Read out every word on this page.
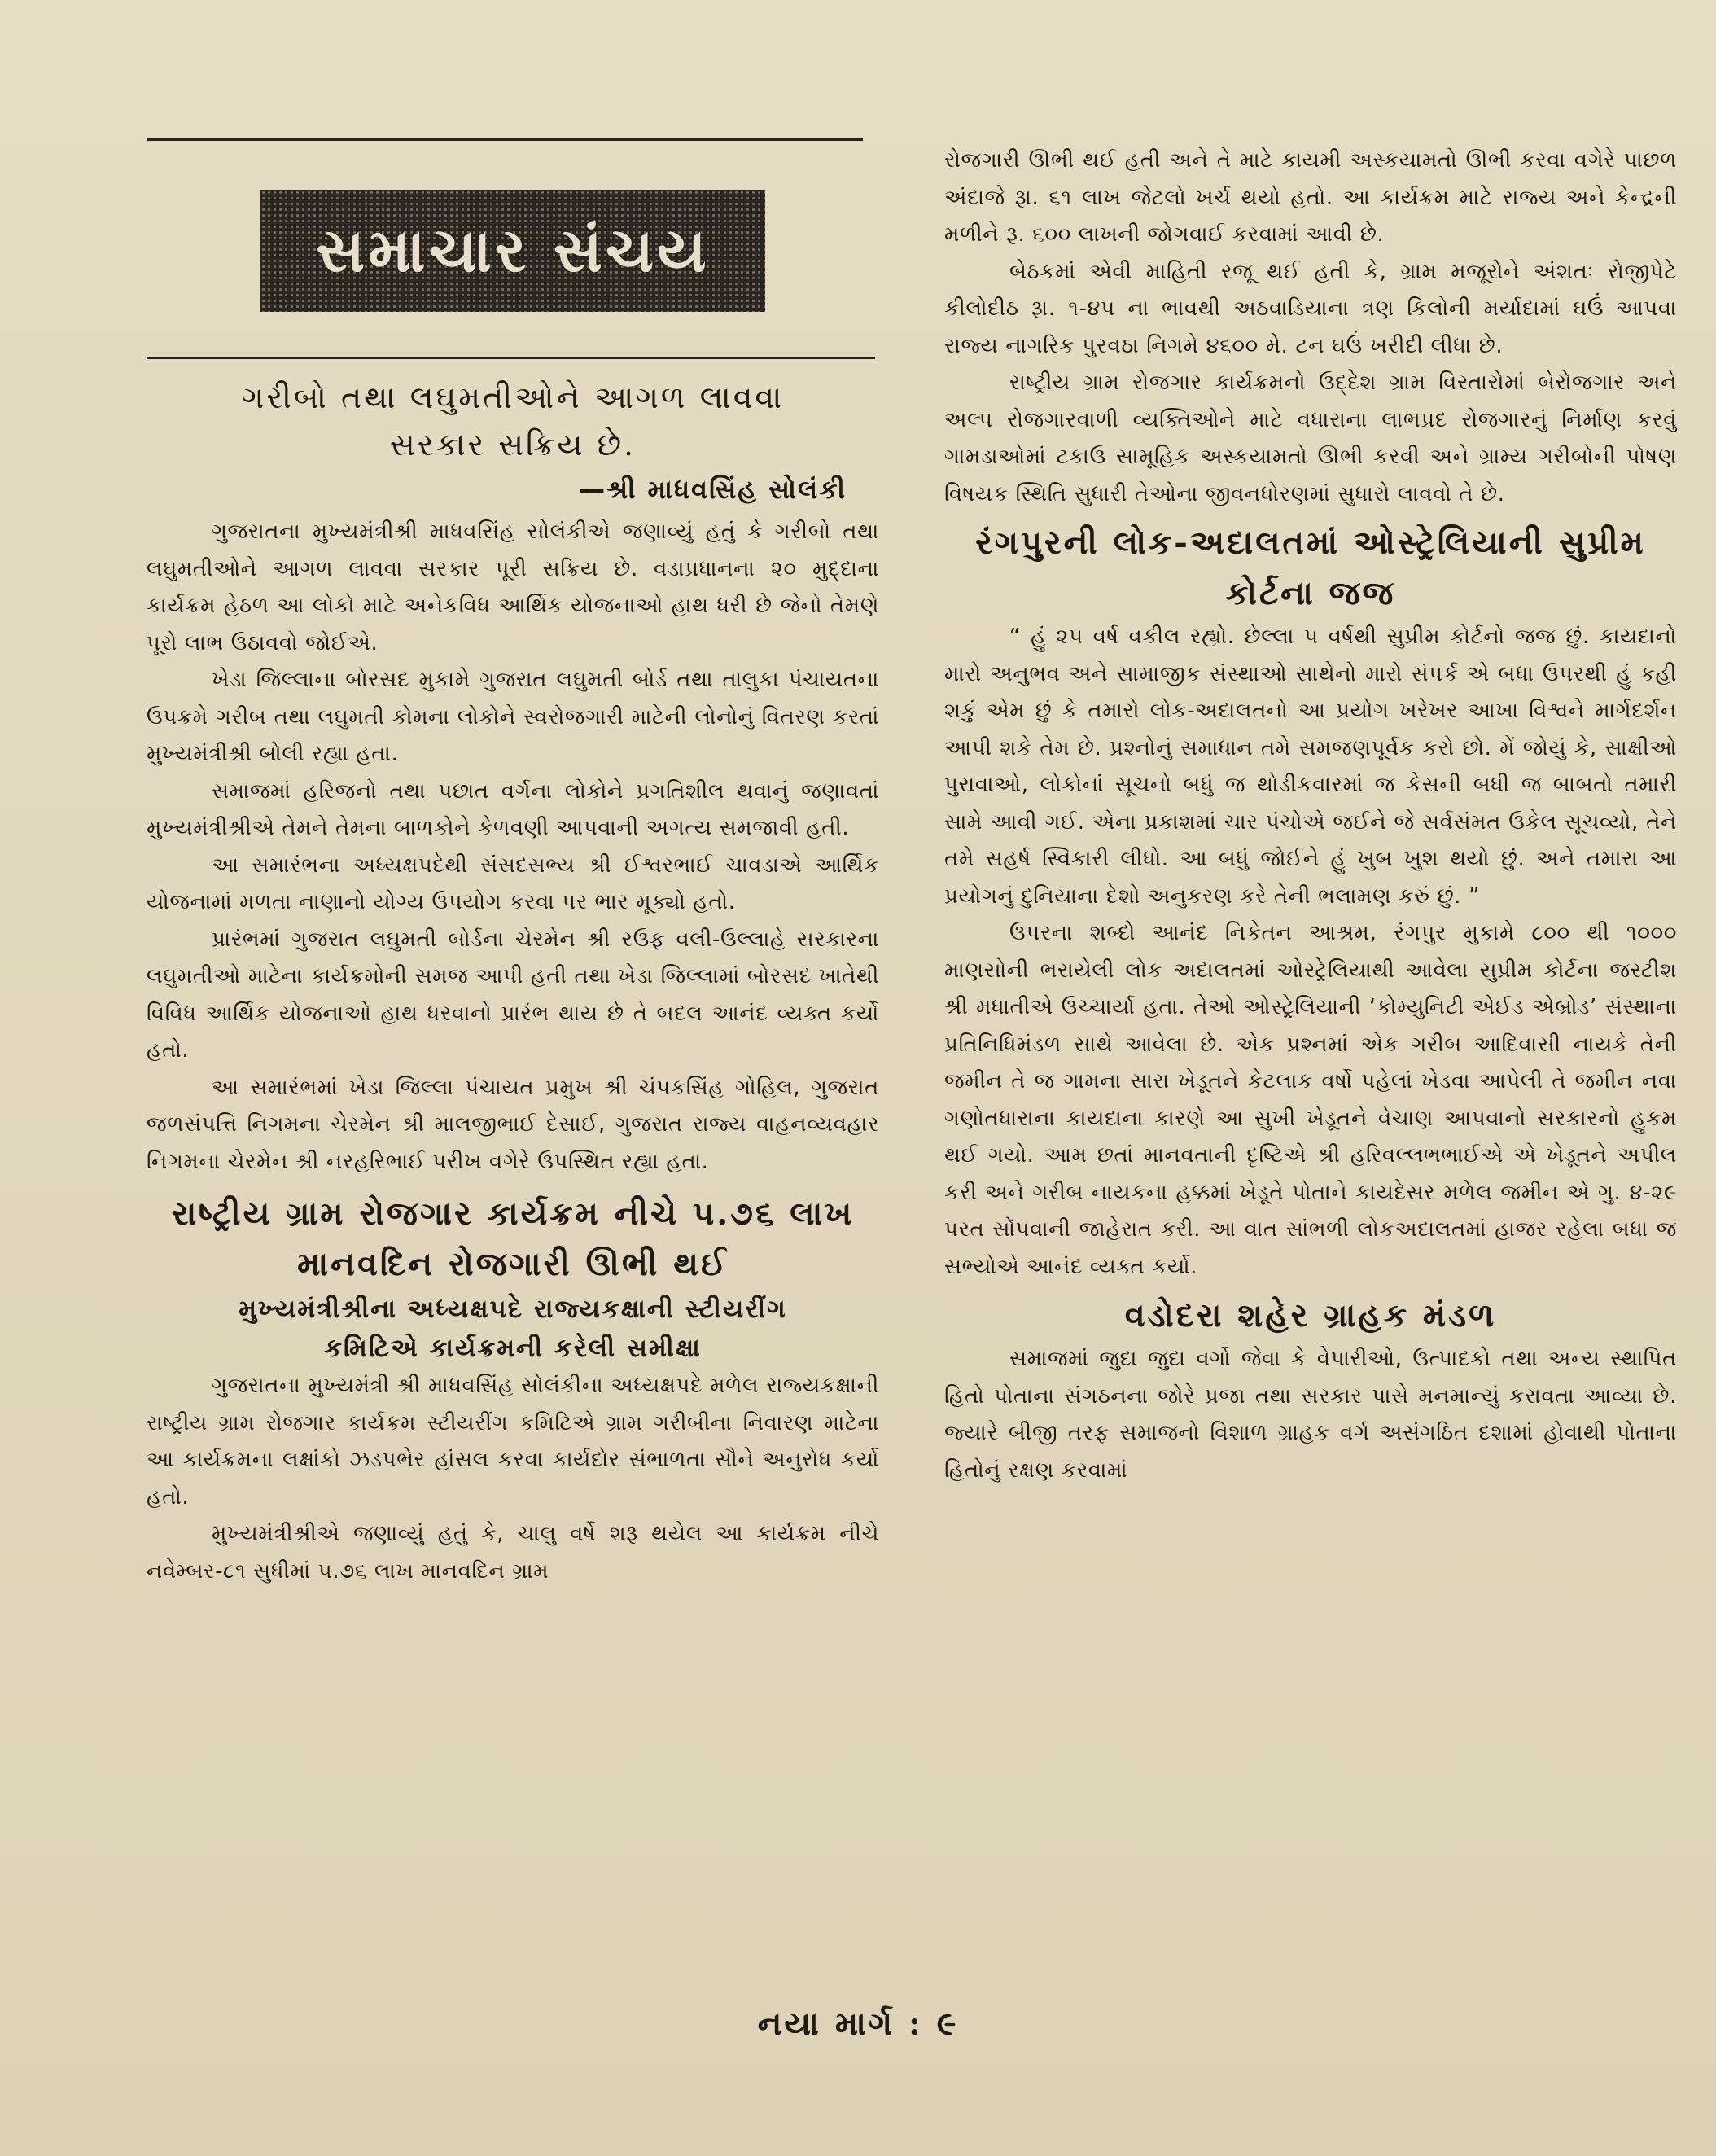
સમાચાર સંચય

ગરીબો તથા લઘુમતીઓને આગળ લાવવા

સરકાર સક્રિય છે.

—શ્રી માધવસિંહ સોલંકી

ગુજરાતના મુખ્યમંત્રીશ્રી માધવસિંહ સોલંકીએ જણાવ્યું હતું કે ગરીબો તથા લઘુમતીઓને આગળ લાવવા સરકાર પૂરી સક્રિય છે. વડાપ્રધાનના ૨૦ મુદ્દાના કાર્યક્રમ હેઠળ આ લોકો માટે અનેકવિધ આર્થિક યોજનાઓ હાથ ધરી છે જેનો તેમણે પૂરો લાભ ઉઠાવવો જોઈએ.

ખેડા જિલ્લાના બોરસદ મુકામે ગુજરાત લઘુમતી બોર્ડ તથા તાલુકા પંચાયતના ઉપક્રમે ગરીબ તથા લઘુમતી કોમના લોકોને સ્વરોજગારી માટેની લોનોનું વિતરણ કરતાં મુખ્યમંત્રીશ્રી બોલી રહ્યા હતા.

સમાજમાં હરિજનો તથા પછાત વર્ગના લોકોને પ્રગતિશીલ થવાનું જણાવતાં મુખ્યમંત્રીશ્રીએ તેમને તેમના બાળકોને કેળવણી આપવાની અગત્ય સમજાવી હતી.

આ સમારંભના અધ્યક્ષપદેથી સંસદસભ્ય શ્રી ઈશ્વરભાઈ ચાવડાએ આર્થિક યોજનામાં મળતા નાણાનો યોગ્ય ઉપયોગ કરવા પર ભાર મૂક્યો હતો.

પ્રારંભમાં ગુજરાત લઘુમતી બોર્ડના ચેરમેન શ્રી રઉફ વલી-ઉલ્લાહે સરકારના લઘુમતીઓ માટેના કાર્યક્રમોની સમજ આપી હતી તથા ખેડા જિલ્લામાં બોરસદ ખાતેથી વિવિધ આર્થિક યોજનાઓ હાથ ધરવાનો પ્રારંભ થાય છે તે બદલ આનંદ વ્યક્ત કર્યો હતો.

આ સમારંભમાં ખેડા જિલ્લા પંચાયત પ્રમુખ શ્રી ચંપકસિંહ ગોહિલ, ગુજરાત જળસંપત્તિ નિગમના ચેરમેન શ્રી માલજીભાઈ દેસાઈ, ગુજરાત રાજ્ય વાહનવ્યવહાર નિગમના ચેરમેન શ્રી નરહરિભાઈ પરીખ વગેરે ઉપસ્થિત રહ્યા હતા.

રાષ્ટ્રીય ગ્રામ રોજગાર કાર્યક્રમ નીચે ૫.૭૬ લાખ

માનવદિન રોજગારી ઊભી થઈ

મુખ્યમંત્રીશ્રીના અધ્યક્ષપદે રાજ્યકક્ષાની સ્ટીયરીંગ

કમિટિએ કાર્યક્રમની કરેલી સમીક્ષા

ગુજરાતના મુખ્યમંત્રી શ્રી માધવસિંહ સોલંકીના અધ્યક્ષપદે મળેલ રાજ્યકક્ષાની રાષ્ટ્રીય ગ્રામ રોજગાર કાર્યક્રમ સ્ટીયરીંગ કમિટિએ ગ્રામ ગરીબીના નિવારણ માટેના આ કાર્યક્રમના લક્ષાંકો ઝડપભેર હાંસલ કરવા કાર્યદોર સંભાળતા સૌને અનુરોધ કર્યો હતો.

મુખ્યમંત્રીશ્રીએ જણાવ્યું હતું કે, ચાલુ વર્ષે શરૂ થયેલ આ કાર્યક્રમ નીચે નવેમ્બર-૮૧ સુધીમાં ૫.૭૬ લાખ માનવદિન ગ્રામ

રોજગારી ઊભી થઈ હતી અને તે માટે કાયમી અસ્કયામતો ઊભી કરવા વગેરે પાછળ અંદાજે રૂા. ૬૧ લાખ જેટલો ખર્ચ થયો હતો. આ કાર્યક્રમ માટે રાજ્ય અને કેન્દ્રની મળીને રૂ. ૬૦૦ લાખની જોગવાઈ કરવામાં આવી છે.

બેઠકમાં એવી માહિતી રજૂ થઈ હતી કે, ગ્રામ મજૂરોને અંશતઃ રોજીપેટે કીલોદીઠ રૂા. ૧-૪૫ ના ભાવથી અઠવાડિયાના ત્રણ કિલોની મર્યાદામાં ઘઉં આપવા રાજ્ય નાગરિક પુરવઠા નિગમે ૪૬૦૦ મે. ટન ઘઉં ખરીદી લીધા છે.

રાષ્ટ્રીય ગ્રામ રોજગાર કાર્યક્રમનો ઉદ્દેશ ગ્રામ વિસ્તારોમાં બેરોજગાર અને અલ્પ રોજગારવાળી વ્યક્તિઓને માટે વધારાના લાભપ્રદ રોજગારનું નિર્માણ કરવું ગામડાઓમાં ટકાઉ સામૂહિક અસ્કયામતો ઊભી કરવી અને ગ્રામ્ય ગરીબોની પોષણ વિષયક સ્થિતિ સુધારી તેઓના જીવનધોરણમાં સુધારો લાવવો તે છે.

રંગપુરની લોક-અદાલતમાં ઓસ્ટ્રેલિયાની સુપ્રીમ

કોર્ટના જજ

“ હું ૨૫ વર્ષ વકીલ રહ્યો. છેલ્લા ૫ વર્ષથી સુપ્રીમ કોર્ટનો જજ છું. કાયદાનો મારો અનુભવ અને સામાજીક સંસ્થાઓ સાથેનો મારો સંપર્ક એ બધા ઉપરથી હું કહી શકું એમ છું કે તમારો લોક-અદાલતનો આ પ્રયોગ ખરેખર આખા વિશ્વને માર્ગદર્શન આપી શકે તેમ છે. પ્રશ્નોનું સમાધાન તમે સમજણપૂર્વક કરો છો. મેં જોયું કે, સાક્ષીઓ પુરાવાઓ, લોકોનાં સૂચનો બધું જ થોડીકવારમાં જ કેસની બધી જ બાબતો તમારી સામે આવી ગઈ. એના પ્રકાશમાં ચાર પંચોએ જઈને જે સર્વસંમત ઉકેલ સૂચવ્યો, તેને તમે સહર્ષ સ્વિકારી લીધો. આ બધું જોઈને હું ખુબ ખુશ થયો છું. અને તમારા આ પ્રયોગનું દુનિયાના દેશો અનુકરણ કરે તેની ભલામણ કરું છું. ”

ઉપરના શબ્દો આનંદ નિકેતન આશ્રમ, રંગપુર મુકામે ૮૦૦ થી ૧૦૦૦ માણસોની ભરાયેલી લોક અદાલતમાં ઓસ્ટ્રેલિયાથી આવેલા સુપ્રીમ કોર્ટના જસ્ટીશ શ્રી મધાતીએ ઉચ્ચાર્યા હતા. તેઓ ઓસ્ટ્રેલિયાની ‘કોમ્યુનિટી એઈડ એબ્રોડ’ સંસ્થાના પ્રતિનિધિમંડળ સાથે આવેલા છે. એક પ્રશ્નમાં એક ગરીબ આદિવાસી નાયકે તેની જમીન તે જ ગામના સારા ખેડૂતને કેટલાક વર્ષો પહેલાં ખેડવા આપેલી તે જમીન નવા ગણોતધારાના કાયદાના કારણે આ સુખી ખેડૂતને વેચાણ આપવાનો સરકારનો હુકમ થઈ ગયો. આમ છતાં માનવતાની દૃષ્ટિએ શ્રી હરિવલ્લભભાઈએ એ ખેડૂતને અપીલ કરી અને ગરીબ નાયકના હક્કમાં ખેડૂતે પોતાને કાયદેસર મળેલ જમીન એ ગુ. ૪-૨૯ પરત સોંપવાની જાહેરાત કરી. આ વાત સાંભળી લોકઅદાલતમાં હાજર રહેલા બધા જ સભ્યોએ આનંદ વ્યક્ત કર્યો.

વડોદરા શહેર ગ્રાહક મંડળ

સમાજમાં જુદા જુદા વર્ગો જેવા કે વેપારીઓ, ઉત્પાદકો તથા અન્ય સ્થાપિત હિતો પોતાના સંગઠનના જોરે પ્રજા તથા સરકાર પાસે મનમાન્યું કરાવતા આવ્યા છે. જ્યારે બીજી તરફ સમાજનો વિશાળ ગ્રાહક વર્ગ અસંગઠિત દશામાં હોવાથી પોતાના હિતોનું રક્ષણ કરવામાં

નયા માર્ગ : ૯
